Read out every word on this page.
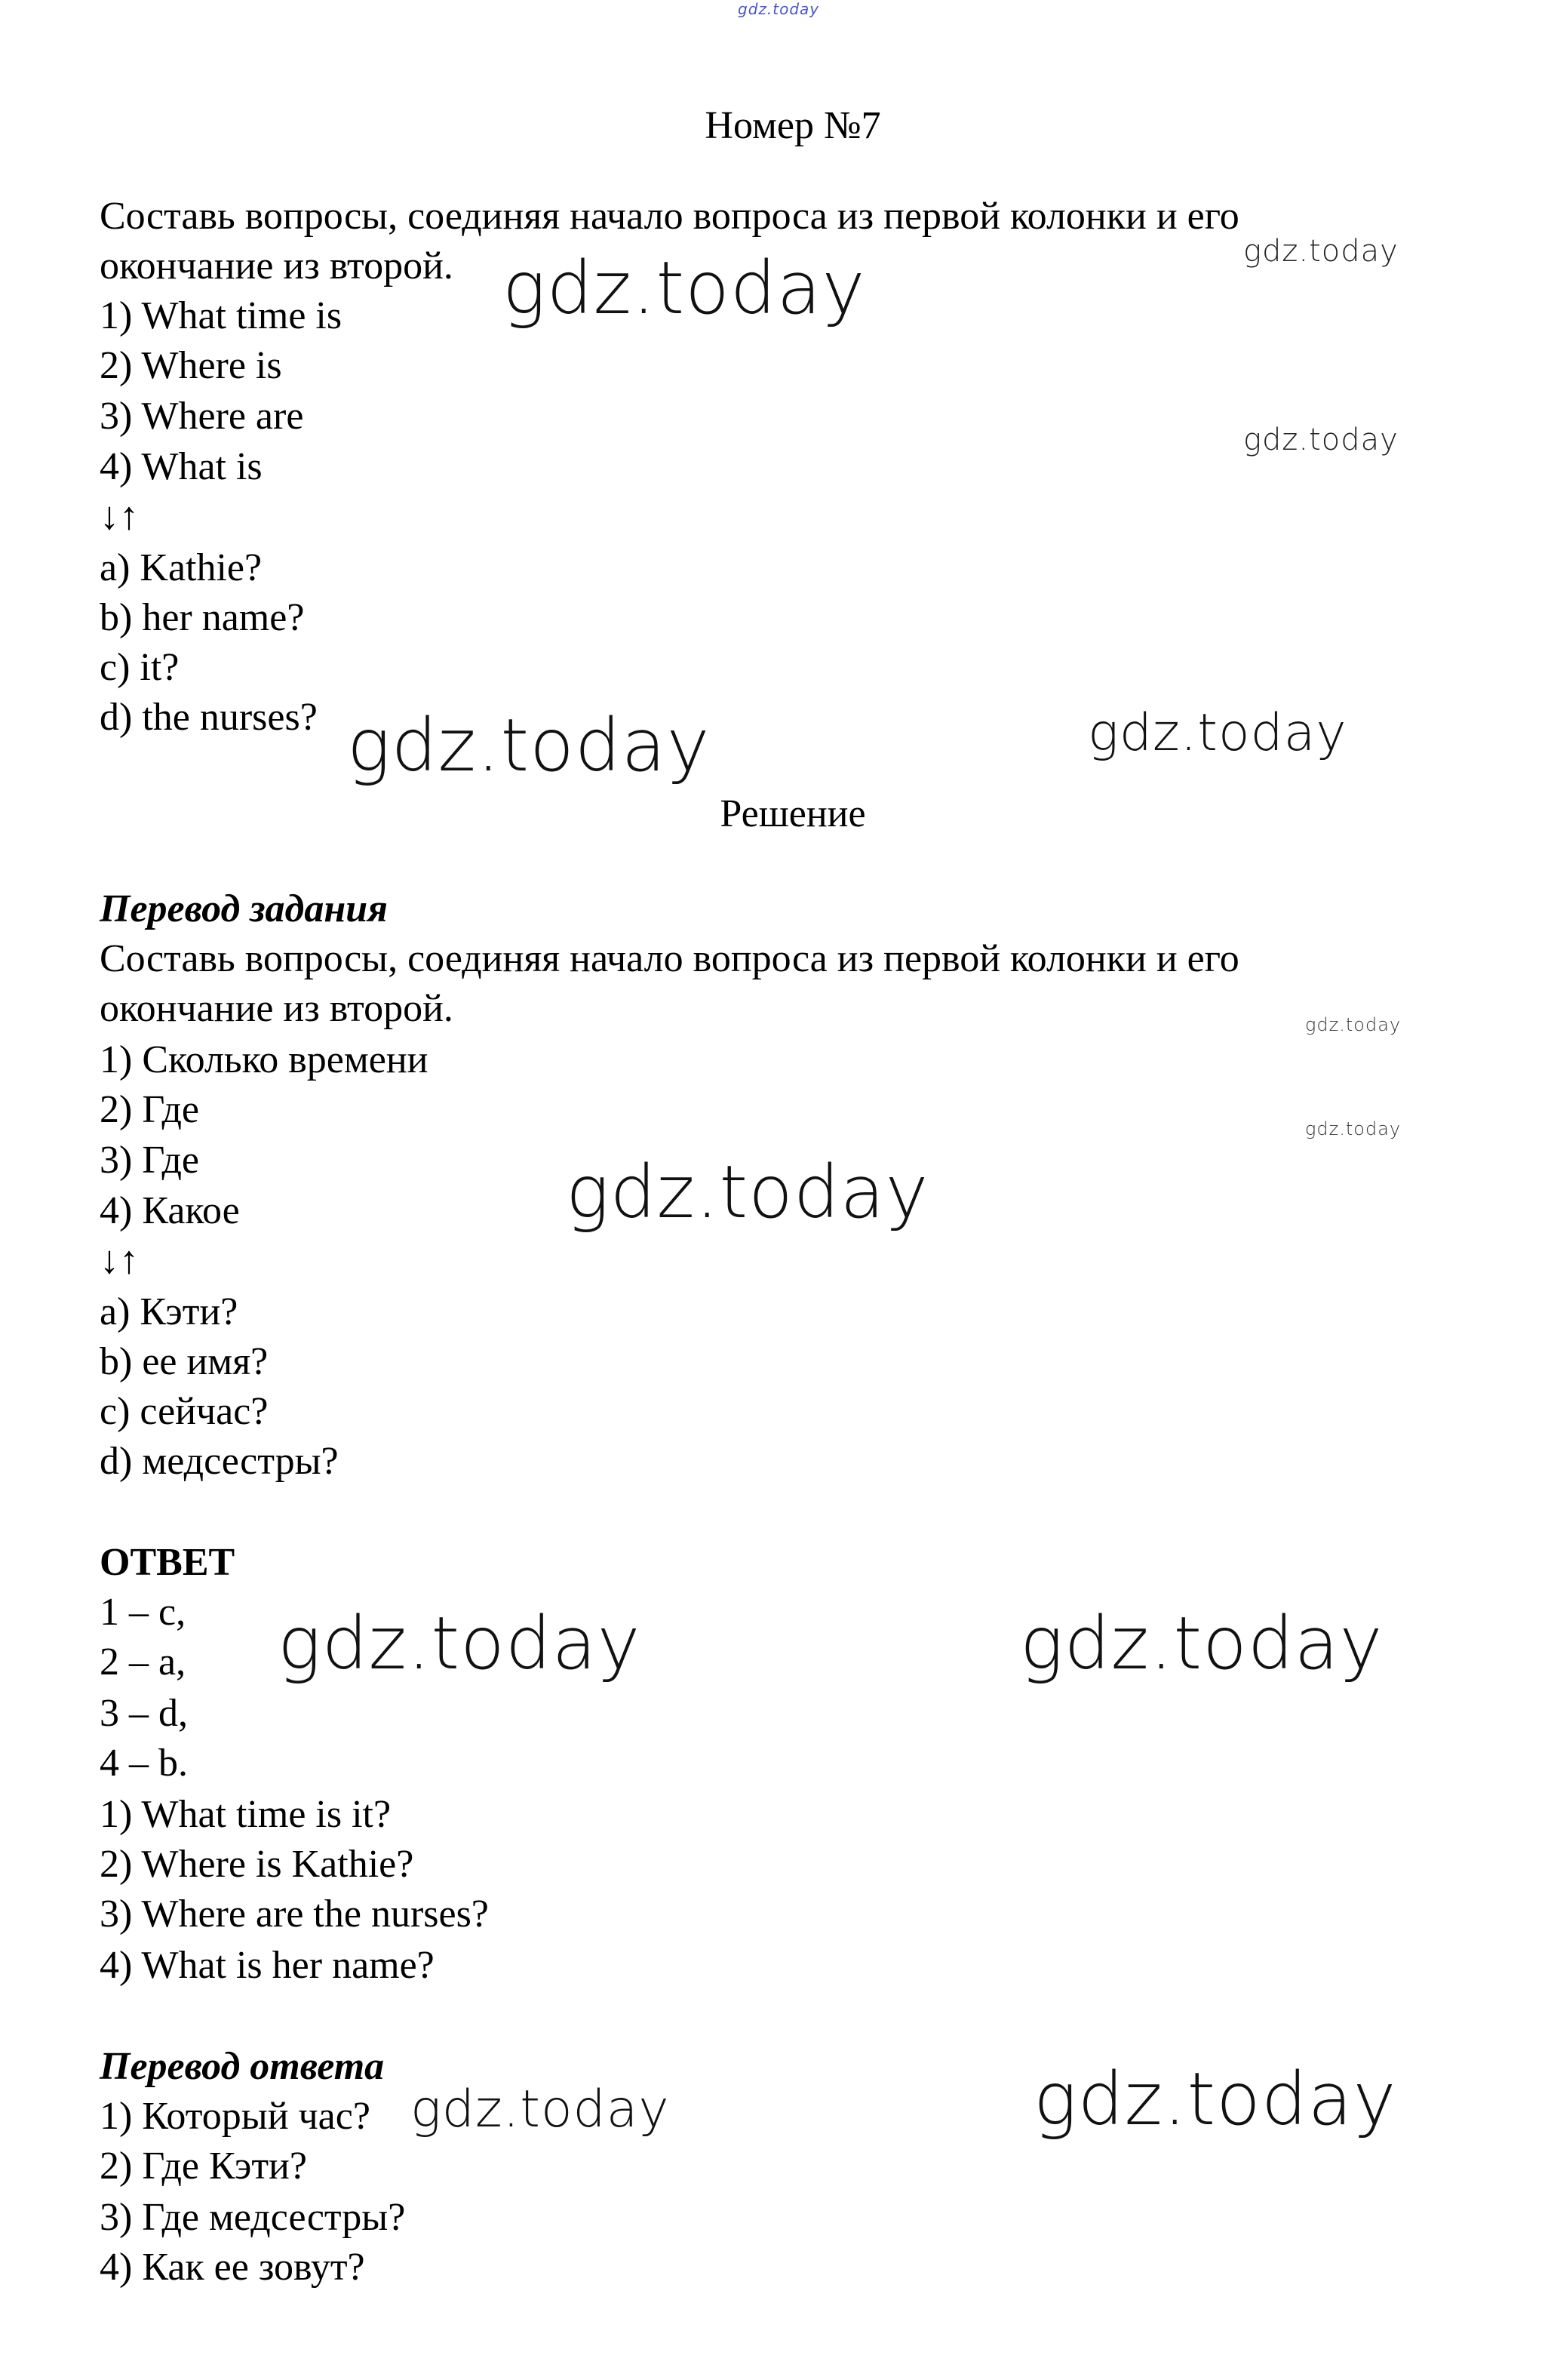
gdz.today
Номер №7
Составь вопросы, соединяя начало вопроса из первой колонки и его
окончание из второй.
1) What time is
2) Where is
3) Where are
4) What is
↓↑
a) Kathie?
b) her name?
c) it?
d) the nurses?
Решение
Перевод задания
Составь вопросы, соединяя начало вопроса из первой колонки и его
окончание из второй.
1) Сколько времени
2) Где
3) Где
4) Какое
↓↑
a) Кэти?
b) ее имя?
c) сейчас?
d) медсестры?
ОТВЕТ
1 – c,
2 – a,
3 – d,
4 – b.
1) What time is it?
2) Where is Kathie?
3) Where are the nurses?
4) What is her name?
Перевод ответа
1) Который час?
2) Где Кэти?
3) Где медсестры?
4) Как ее зовут?
gdz.today
gdz.today
gdz.today
gdz.today	gdz.today
gdz.today
gdz.today
gdz.today
gdz.today	gdz.today
gdz.today	gdz.today
